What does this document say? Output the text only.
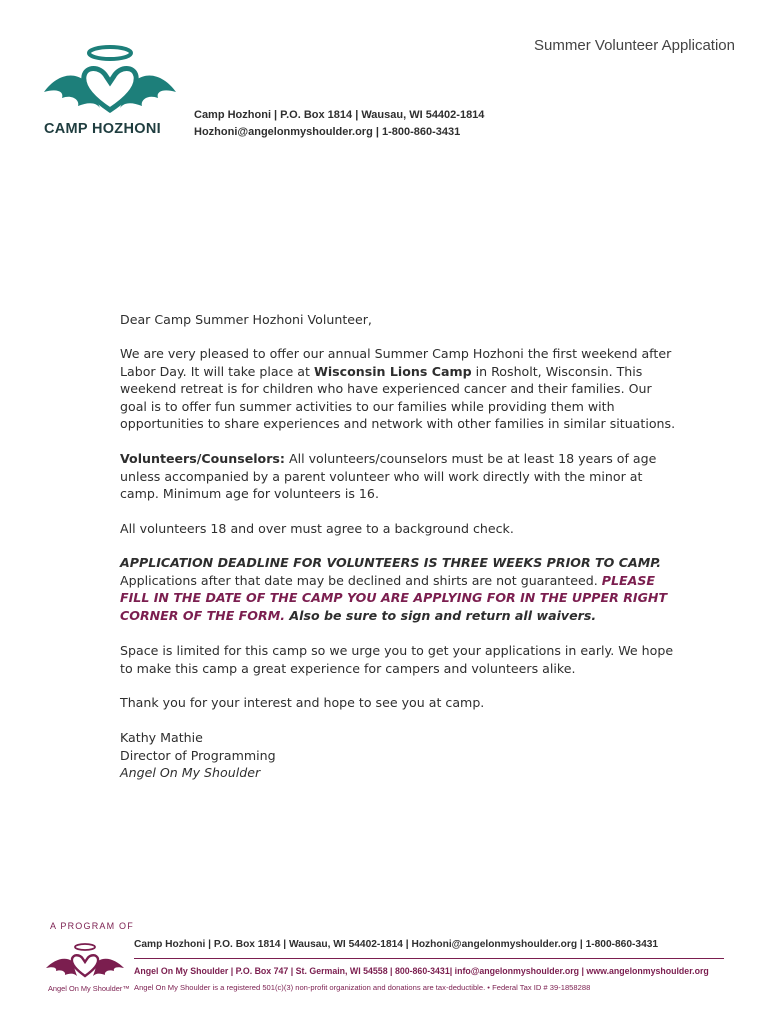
Summer Volunteer Application
CAMP HOZHONI
Camp Hozhoni | P.O. Box 1814 | Wausau, WI 54402-1814
Hozhoni@angelonmyshoulder.org | 1-800-860-3431
Dear Camp Summer Hozhoni Volunteer,

We are very pleased to offer our annual Summer Camp Hozhoni the first weekend after Labor Day. It will take place at Wisconsin Lions Camp in Rosholt, Wisconsin. This weekend retreat is for children who have experienced cancer and their families. Our goal is to offer fun summer activities to our families while providing them with opportunities to share experiences and network with other families in similar situations.

Volunteers/Counselors: All volunteers/counselors must be at least 18 years of age unless accompanied by a parent volunteer who will work directly with the minor at camp. Minimum age for volunteers is 16.

All volunteers 18 and over must agree to a background check.

APPLICATION DEADLINE FOR VOLUNTEERS IS THREE WEEKS PRIOR TO CAMP. Applications after that date may be declined and shirts are not guaranteed. PLEASE FILL IN THE DATE OF THE CAMP YOU ARE APPLYING FOR IN THE UPPER RIGHT CORNER OF THE FORM. Also be sure to sign and return all waivers.

Space is limited for this camp so we urge you to get your applications in early. We hope to make this camp a great experience for campers and volunteers alike.
Thank you for your interest and hope to see you at camp.

Kathy Mathie

Director of Programming

Angel On My Shoulder

A PROGRAM OF
Angel On My Shoulder™
Camp Hozhoni | P.O. Box 1814 | Wausau, WI 54402-1814 | Hozhoni@angelonmyshoulder.org | 1-800-860-3431
Angel On My Shoulder | P.O. Box 747 | St. Germain, WI 54558 | 800-860-3431| info@angelonmyshoulder.org | www.angelonmyshoulder.org
Angel On My Shoulder is a registered 501(c)(3) non-profit organization and donations are tax-deductible. • Federal Tax ID # 39-1858288
